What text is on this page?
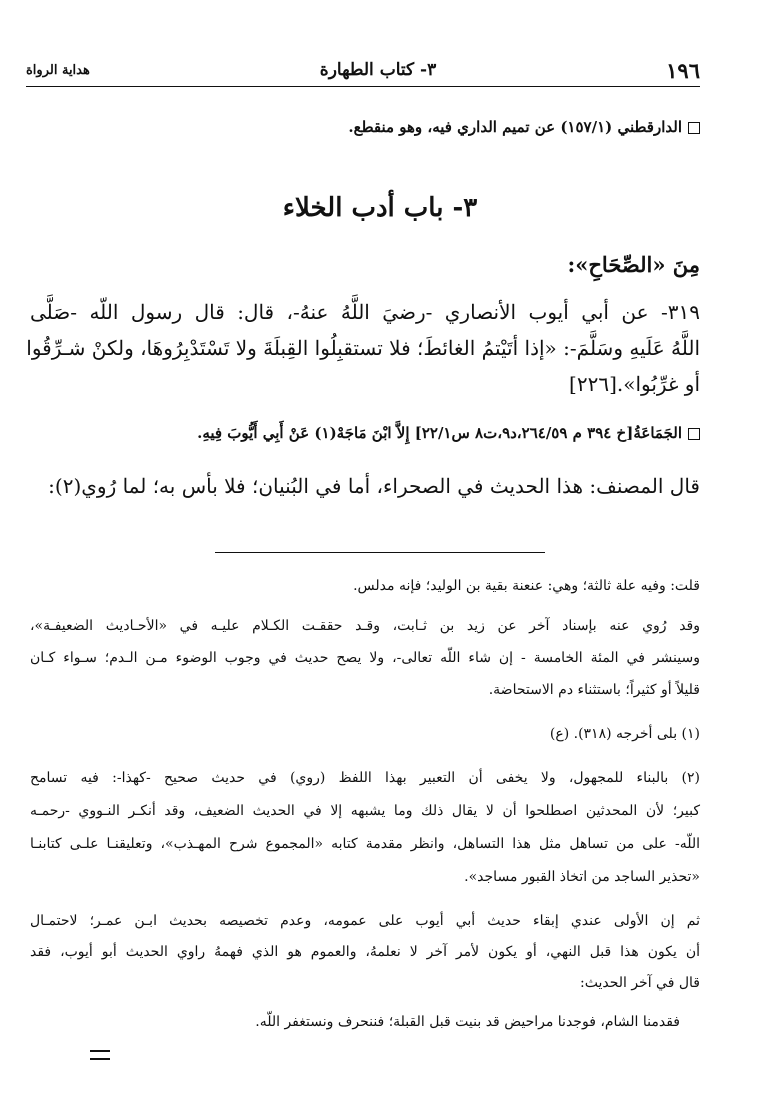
١٩٦
٣- كتاب الطهارة
هداية الرواة

الدارقطني (١٥٧/١) عن تميم الداري فيه، وهو منقطع.

٣- باب أدب الخلاء

مِنَ «الصِّحَاحِ»:

٣١٩- عن أبي أيوب الأنصاري -رضيَ اللَّهُ عنهُ-، قال: قال رسول اللّه -صَلَّى

اللَّهُ عَلَيهِ وسَلَّمَ-: «إذا أتَيْتمُ الغائطَ؛ فلا تستقبِلُوا القِبلَةَ ولا تَسْتَدْبِرُوهَا، ولكنْ شـرِّقُوا

أو غرِّبُوا».[٢٢٦]

الجَمَاعَةُ[خ ٣٩٤ م ٢٦٤/٥٩،د٩،ت٨ س٢٢/١] إِلاَّ ابْنَ مَاجَهْ(١) عَنْ أَبِي أَيُّوبَ فِيهِ.

قال المصنف: هذا الحديث في الصحراء، أما في البُنيان؛ فلا بأس به؛ لما رُوي(٢):

قلت: وفيه علة ثالثة؛ وهي: عنعنة بقية بن الوليد؛ فإنه مدلس.

وقد رُوي عنه بإسناد آخر عن زيد بن ثـابت، وقـد حققـت الكـلام عليـه في «الأحـاديث الضعيفـة»،

وسينشر في المئة الخامسة - إن شاء اللّه تعالى-، ولا يصح حديث في وجوب الوضوء مـن الـدم؛ سـواء كـان

قليلاً أو كثيراً؛ باستثناء دم الاستحاضة.

(١) بلى أخرجه (٣١٨). (ع)

(٢) بالبناء للمجهول، ولا يخفى أن التعبير بهذا اللفظ (روي) في حديث صحيح -كهذا-: فيه تسامح

كبير؛ لأن المحدثين اصطلحوا أن لا يقال ذلك وما يشبهه إلا في الحديث الضعيف، وقد أنكـر النـووي -رحمـه

اللّه- على من تساهل مثل هذا التساهل، وانظر مقدمة كتابه «المجموع شرح المهـذب»، وتعليقنـا علـى كتابنـا

«تحذير الساجد من اتخاذ القبور مساجد».

ثم إن الأولى عندي إبقاء حديث أبي أيوب على عمومه، وعدم تخصيصه بحديث ابـن عمـر؛ لاحتمـال

أن يكون هذا قبل النهي، أو يكون لأمر آخر لا نعلمهُ، والعموم هو الذي فهمهُ راوي الحديث أبو أيوب، فقد

قال في آخر الحديث:

فقدمنا الشام، فوجدنا مراحيض قد بنيت قبل القبلة؛ فننحرف ونستغفر اللّه.
